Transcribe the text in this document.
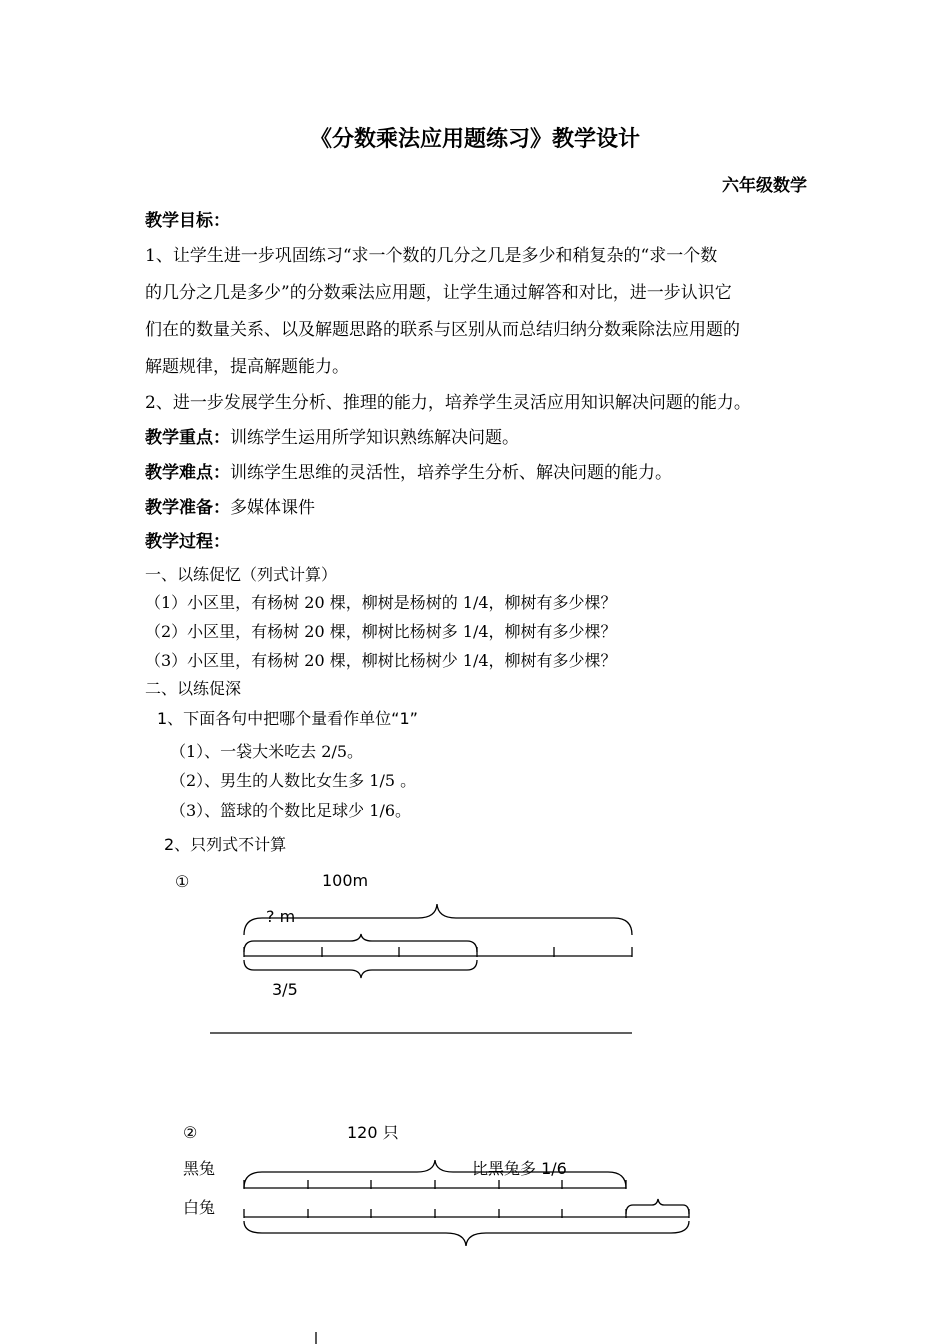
《分数乘法应用题练习》教学设计
六年级数学
教学目标：
1、让学生进一步巩固练习“求一个数的几分之几是多少和稍复杂的“求一个数
的几分之几是多少”的分数乘法应用题，让学生通过解答和对比，进一步认识它
们在的数量关系、以及解题思路的联系与区别从而总结归纳分数乘除法应用题的
解题规律，提高解题能力。
2、进一步发展学生分析、推理的能力，培养学生灵活应用知识解决问题的能力。
教学重点：训练学生运用所学知识熟练解决问题。
教学难点：训练学生思维的灵活性，培养学生分析、解决问题的能力。
教学准备：多媒体课件
教学过程：
一、以练促忆（列式计算）
（1）小区里，有杨树 20 棵，柳树是杨树的 1/4，柳树有多少棵？
（2）小区里，有杨树 20 棵，柳树比杨树多 1/4，柳树有多少棵？
（3）小区里，有杨树 20 棵，柳树比杨树少 1/4，柳树有多少棵？
二、以练促深
1、下面各句中把哪个量看作单位“1”
（1）、一袋大米吃去 2/5。
（2）、男生的人数比女生多 1/5 。
（3）、篮球的个数比足球少 1/6。
2、只列式不计算
①	100m
? m
3/5
②	120 只
黑兔
白兔
比黑兔多 1/6
